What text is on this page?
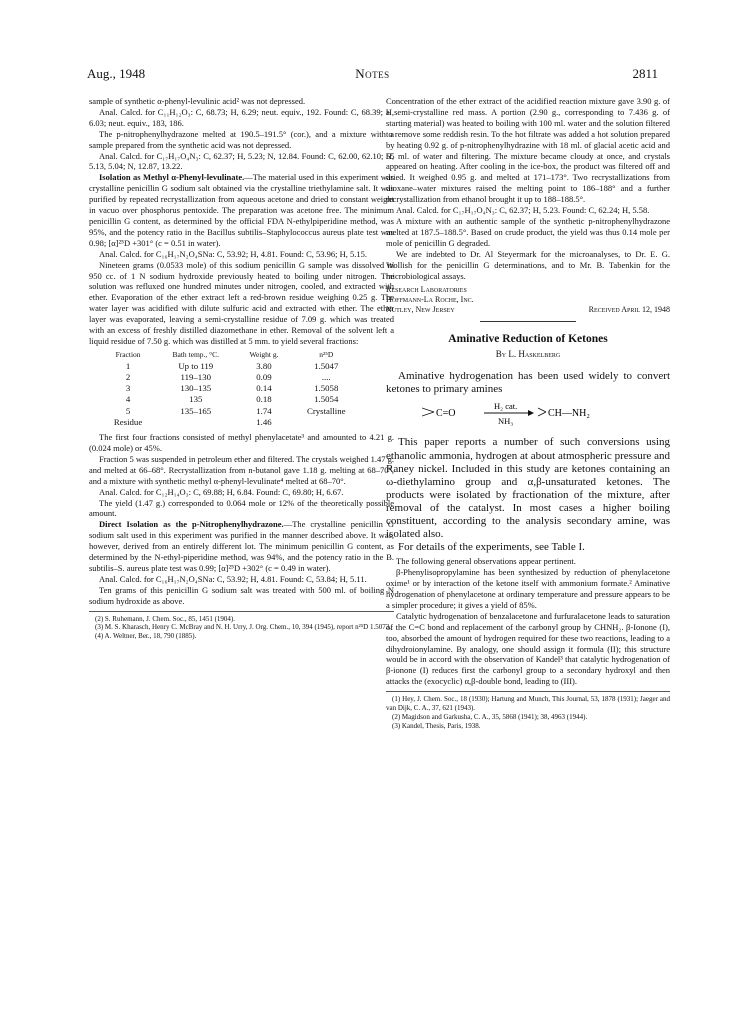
Aug., 1948	Notes	2811

sample of synthetic α-phenyl-levulinic acid² was not depressed.

Anal. Calcd. for C₁₁H₁₂O₃: C, 68.73; H, 6.29; neut. equiv., 192. Found: C, 68.39; H, 6.03; neut. equiv., 183, 186.

The p-nitrophenylhydrazone melted at 190.5–191.5° (cor.), and a mixture with a sample prepared from the synthetic acid was not depressed.

Anal. Calcd. for C₁₇H₁₇O₄N₃: C, 62.37; H, 5.23; N, 12.84. Found: C, 62.00, 62.10; H, 5.13, 5.04; N, 12.87, 13.22.

Isolation as Methyl α-Phenyl-levulinate.—The material used in this experiment was crystalline penicillin G sodium salt obtained via the crystalline triethylamine salt. It was purified by repeated recrystallization from aqueous acetone and dried to constant weight in vacuo over phosphorus pentoxide. The preparation was acetone free. The minimum penicillin G content, as determined by the official FDA N-ethylpiperidine method, was 95%, and the potency ratio in the Bacillus subtilis–Staphylococcus aureus plate test was 0.98; [α]²⁵D +301° (c = 0.51 in water).

Anal. Calcd. for C₁₆H₁₇N₂O₄SNa: C, 53.92; H, 4.81. Found: C, 53.96; H, 5.15.

Nineteen grams (0.0533 mole) of this sodium penicillin G sample was dissolved in 950 cc. of 1 N sodium hydroxide previously heated to boiling under nitrogen. The solution was refluxed one hundred minutes under nitrogen, cooled, and extracted with ether. Evaporation of the ether extract left a red-brown residue weighing 0.25 g. The water layer was acidified with dilute sulfuric acid and extracted with ether. The ether layer was evaporated, leaving a semi-crystalline residue of 7.09 g. which was treated with an excess of freshly distilled diazomethane in ether. Removal of the solvent left a liquid residue of 7.50 g. which was distilled at 5 mm. to yield several fractions:

Fraction	Bath temp., °C.	Weight g.	n²⁵D
1	Up to 119	3.80	1.5047
2	119–130	0.09	....
3	130–135	0.14	1.5058
4	135	0.18	1.5054
5	135–165	1.74	Crystalline
Residue		1.46	

The first four fractions consisted of methyl phenylacetate³ and amounted to 4.21 g. (0.024 mole) or 45%.

Fraction 5 was suspended in petroleum ether and filtered. The crystals weighed 1.47 g. and melted at 66–68°. Recrystallization from n-butanol gave 1.18 g. melting at 68–70°, and a mixture with synthetic methyl α-phenyl-levulinate⁴ melted at 68–70°.

Anal. Calcd. for C₁₂H₁₄O₃: C, 69.88; H, 6.84. Found: C, 69.80; H, 6.67.

The yield (1.47 g.) corresponded to 0.064 mole or 12% of the theoretically possible amount.

Direct Isolation as the p-Nitrophenylhydrazone.—The crystalline penicillin G sodium salt used in this experiment was purified in the manner described above. It was, however, derived from an entirely different lot. The minimum penicillin G content, as determined by the N-ethyl-piperidine method, was 94%, and the potency ratio in the B. subtilis–S. aureus plate test was 0.99; [α]²⁵D +302° (c = 0.49 in water).

Anal. Calcd. for C₁₆H₁₇N₂O₄SNa: C, 53.92; H, 4.81. Found: C, 53.84; H, 5.11.

Ten grams of this penicillin G sodium salt was treated with 500 ml. of boiling N sodium hydroxide as above.

(2) S. Ruhemann, J. Chem. Soc., 85, 1451 (1904).
(3) M. S. Kharasch, Henry C. McBray and N. H. Urry, J. Org. Chem., 10, 394 (1945), report n²⁵D 1.5073.
(4) A. Weltner, Ber., 18, 790 (1885).

Concentration of the ether extract of the acidified reaction mixture gave 3.90 g. of a semi-crystalline red mass. A portion (2.90 g., corresponding to 7.436 g. of starting material) was heated to boiling with 100 ml. water and the solution filtered to remove some reddish resin. To the hot filtrate was added a hot solution prepared by heating 0.92 g. of p-nitrophenylhydrazine with 18 ml. of glacial acetic acid and 55 ml. of water and filtering. The mixture became cloudy at once, and crystals appeared on heating. After cooling in the ice-box, the product was filtered off and dried. It weighed 0.95 g. and melted at 171–173°. Two recrystallizations from dioxane–water mixtures raised the melting point to 186–188° and a further recrystallization from ethanol brought it up to 188–188.5°.

Anal. Calcd. for C₁₇H₁₇O₄N₃: C, 62.37; H, 5.23. Found: C, 62.24; H, 5.58.

A mixture with an authentic sample of the synthetic p-nitrophenylhydrazone melted at 187.5–188.5°. Based on crude product, the yield was thus 0.14 mole per mole of penicillin G degraded.

We are indebted to Dr. Al Steyermark for the microanalyses, to Dr. E. G. Wollish for the penicillin G determinations, and to Mr. B. Tabenkin for the microbiological assays.

Research Laboratories
Hoffmann-La Roche, Inc.
Nutley, New Jersey	Received April 12, 1948
Aminative Reduction of Ketones
By L. Haskelberg

Aminative hydrogenation has been used widely to convert ketones to primary amines

C=O
H₂ cat.
NH₃
CH—NH₂

This paper reports a number of such conversions using ethanolic ammonia, hydrogen at about atmospheric pressure and Raney nickel. Included in this study are ketones containing an ω-diethylamino group and α,β-unsaturated ketones. The products were isolated by fractionation of the mixture, after removal of the catalyst. In most cases a higher boiling constituent, according to the analysis secondary amine, was isolated also.

For details of the experiments, see Table I.

The following general observations appear pertinent.

β-Phenylisopropylamine has been synthesized by reduction of phenylacetone oxime¹ or by interaction of the ketone itself with ammonium formate.² Aminative hydrogenation of phenylacetone at ordinary temperature and pressure appears to be a simpler procedure; it gives a yield of 85%.

Catalytic hydrogenation of benzalacetone and furfuralacetone leads to saturation of the C=C bond and replacement of the carbonyl group by CHNH₂. β-Ionone (I), too, absorbed the amount of hydrogen required for these two reactions, leading to a dihydroionylamine. By analogy, one should assign it formula (II); this structure would be in accord with the observation of Kandel³ that catalytic hydrogenation of β-ionone (I) reduces first the carbonyl group to a secondary hydroxyl and then attacks the (exocyclic) α,β-double bond, leading to (III).

(1) Hey, J. Chem. Soc., 18 (1930); Hartung and Munch, This Journal, 53, 1878 (1931); Jaeger and van Dijk, C. A., 37, 621 (1943).
(2) Magidson and Garkusha, C. A., 35, 5868 (1941); 38, 4963 (1944).
(3) Kandel, Thesis, Paris, 1938.
